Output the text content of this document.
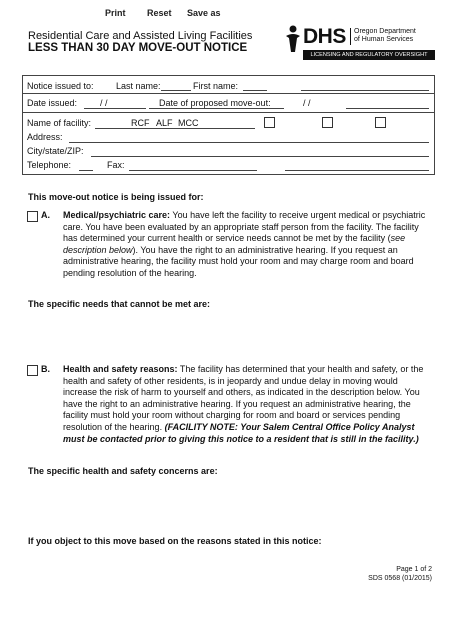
Print Reset Save as
Residential Care and Assisted Living Facilities
LESS THAN 30 DAY MOVE-OUT NOTICE	DHS Oregon Department
of Human Services
LICENSING AND REGULATORY OVERSIGHT
Notice issued to: Last name:	First name:
Date issued:	/ /	Date of proposed move-out:	/ /
Name of facility:	RCF ALF MCC
Address:
City/state/ZIP:
Telephone:	Fax:
This move-out notice is being issued for:
A. Medical/psychiatric care: You have left the facility to receive urgent medical or psychiatric care. You have been evaluated by an appropriate staff person from the facility. The facility has determined your current health or service needs cannot be met by the facility (see description below). You have the right to an administrative hearing. If you request an administrative hearing, the facility must hold your room and may charge room and board pending resolution of the hearing.
The specific needs that cannot be met are:
B. Health and safety reasons: The facility has determined that your health and safety, or the health and safety of other residents, is in jeopardy and undue delay in moving would increase the risk of harm to yourself and others, as indicated in the description below. You have the right to an administrative hearing. If you request an administrative hearing, the facility must hold your room without charging for room and board or services pending resolution of the hearing. (FACILITY NOTE: Your Salem Central Office Policy Analyst must be contacted prior to giving this notice to a resident that is still in the facility.)
The specific health and safety concerns are:
If you object to this move based on the reasons stated in this notice:
Page 1 of 2
SDS 0568 (01/2015)
